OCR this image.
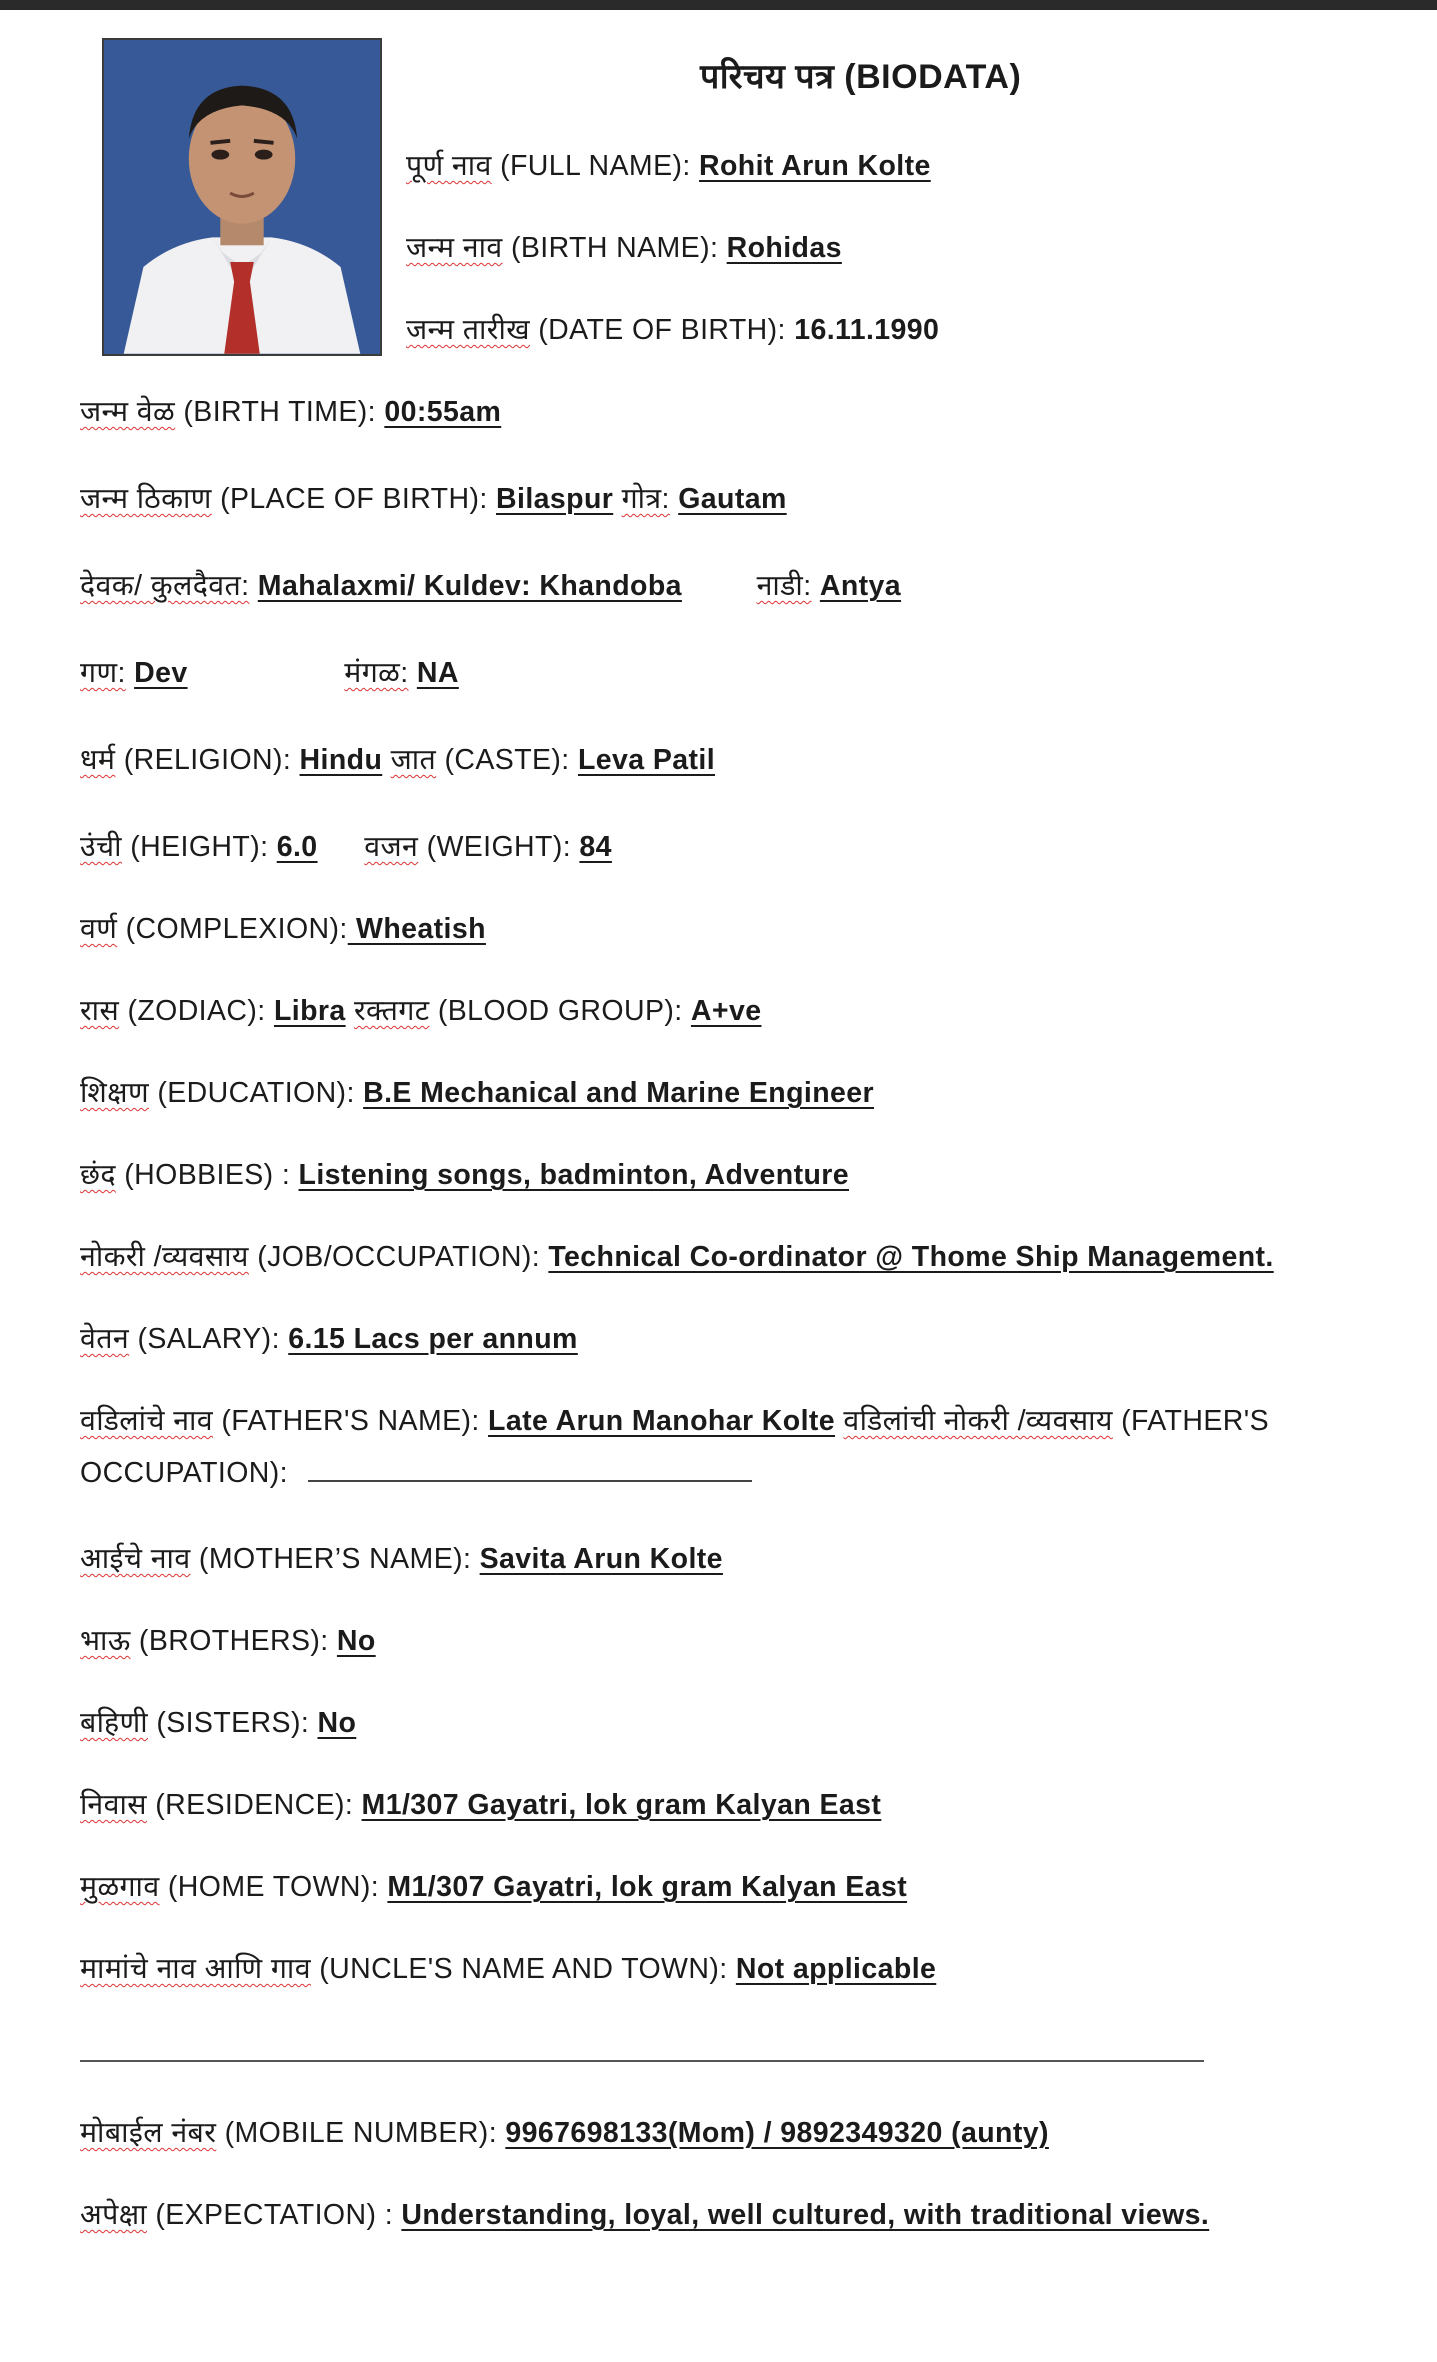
परिचय पत्र (BIODATA)
पूर्ण नाव (FULL NAME): Rohit Arun Kolte
जन्म नाव (BIRTH NAME): Rohidas
जन्म तारीख (DATE OF BIRTH): 16.11.1990
जन्म वेळ (BIRTH TIME): 00:55am
जन्म ठिकाण (PLACE OF BIRTH): Bilaspur गोत्र: Gautam
देवक/ कुलदैवत: Mahalaxmi/ Kuldev: Khandoba	नाडी: Antya
गण: Dev	मंगळ: NA
धर्म (RELIGION): Hindu जात (CASTE): Leva Patil
उंची (HEIGHT): 6.0 वजन (WEIGHT): 84
वर्ण (COMPLEXION): Wheatish
रास (ZODIAC): Libra रक्तगट (BLOOD GROUP): A+ve
शिक्षण (EDUCATION): B.E Mechanical and Marine Engineer
छंद (HOBBIES) : Listening songs, badminton, Adventure
नोकरी /व्यवसाय (JOB/OCCUPATION): Technical Co-ordinator @ Thome Ship Management.
वेतन (SALARY): 6.15 Lacs per annum
वडिलांचे नाव (FATHER'S NAME): Late Arun Manohar Kolte वडिलांची नोकरी /व्यवसाय (FATHER'S
OCCUPATION):
आईचे नाव (MOTHER’S NAME): Savita Arun Kolte
भाऊ (BROTHERS): No
बहिणी (SISTERS): No
निवास (RESIDENCE): M1/307 Gayatri, lok gram Kalyan East
मुळगाव (HOME TOWN): M1/307 Gayatri, lok gram Kalyan East
मामांचे नाव आणि गाव (UNCLE'S NAME AND TOWN): Not applicable
मोबाईल नंबर (MOBILE NUMBER): 9967698133(Mom) / 9892349320 (aunty)
अपेक्षा (EXPECTATION) : Understanding, loyal, well cultured, with traditional views.
